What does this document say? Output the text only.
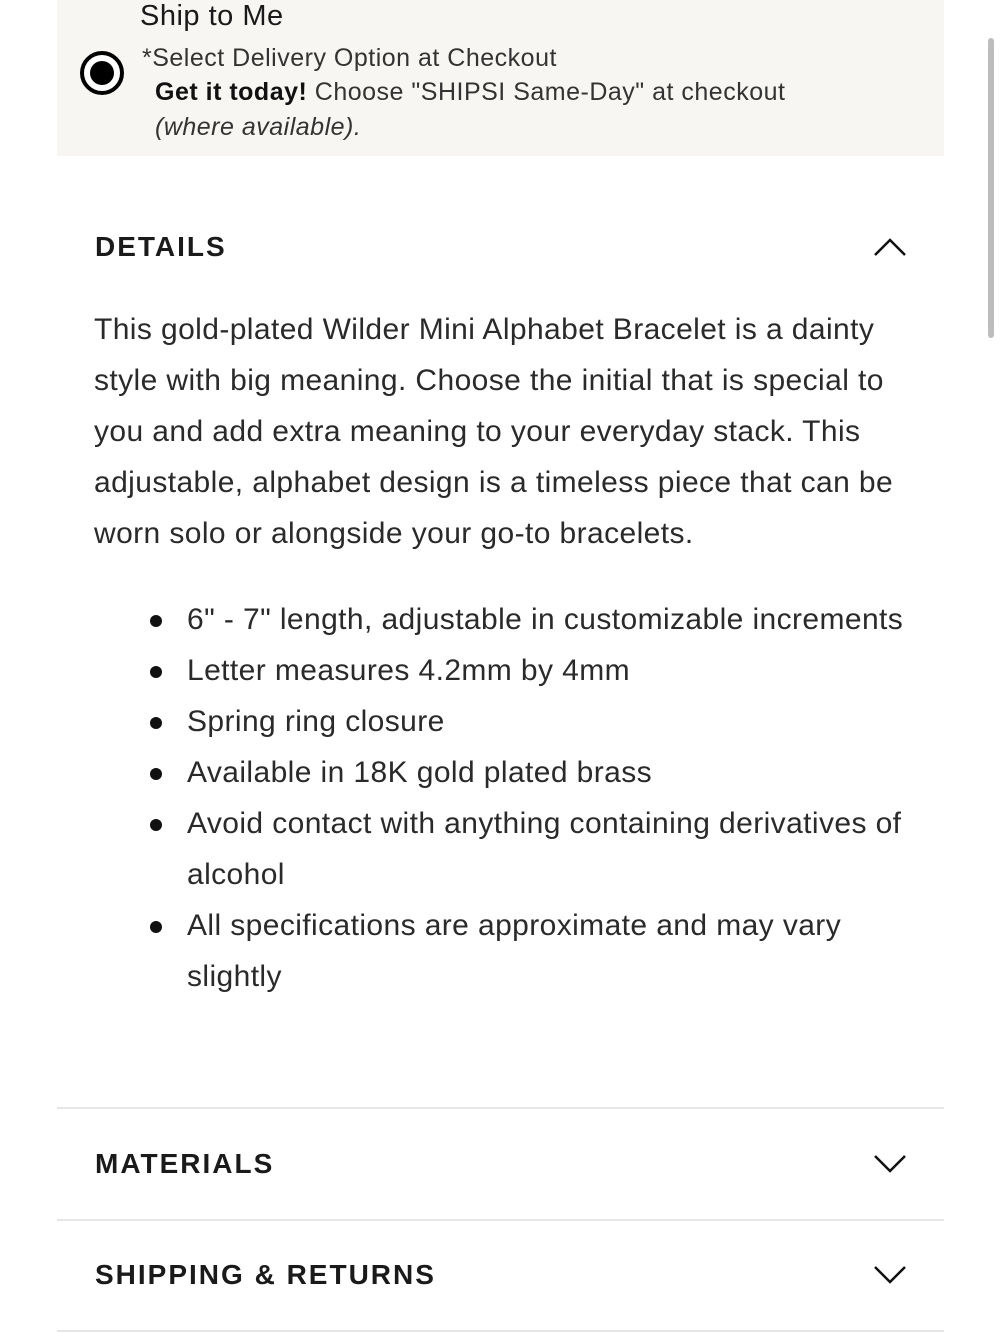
Ship to Me
*Select Delivery Option at Checkout
Get it today! Choose "SHIPSI Same-Day" at checkout
(where available).
DETAILS

This gold-plated Wilder Mini Alphabet Bracelet is a dainty style with big meaning. Choose the initial that is special to you and add extra meaning to your everyday stack. This adjustable, alphabet design is a timeless piece that can be worn solo or alongside your go-to bracelets.

6" - 7" length, adjustable in customizable increments
Letter measures 4.2mm by 4mm
Spring ring closure
Available in 18K gold plated brass
Avoid contact with anything containing derivatives of alcohol
All specifications are approximate and may vary slightly
MATERIALS
SHIPPING & RETURNS
